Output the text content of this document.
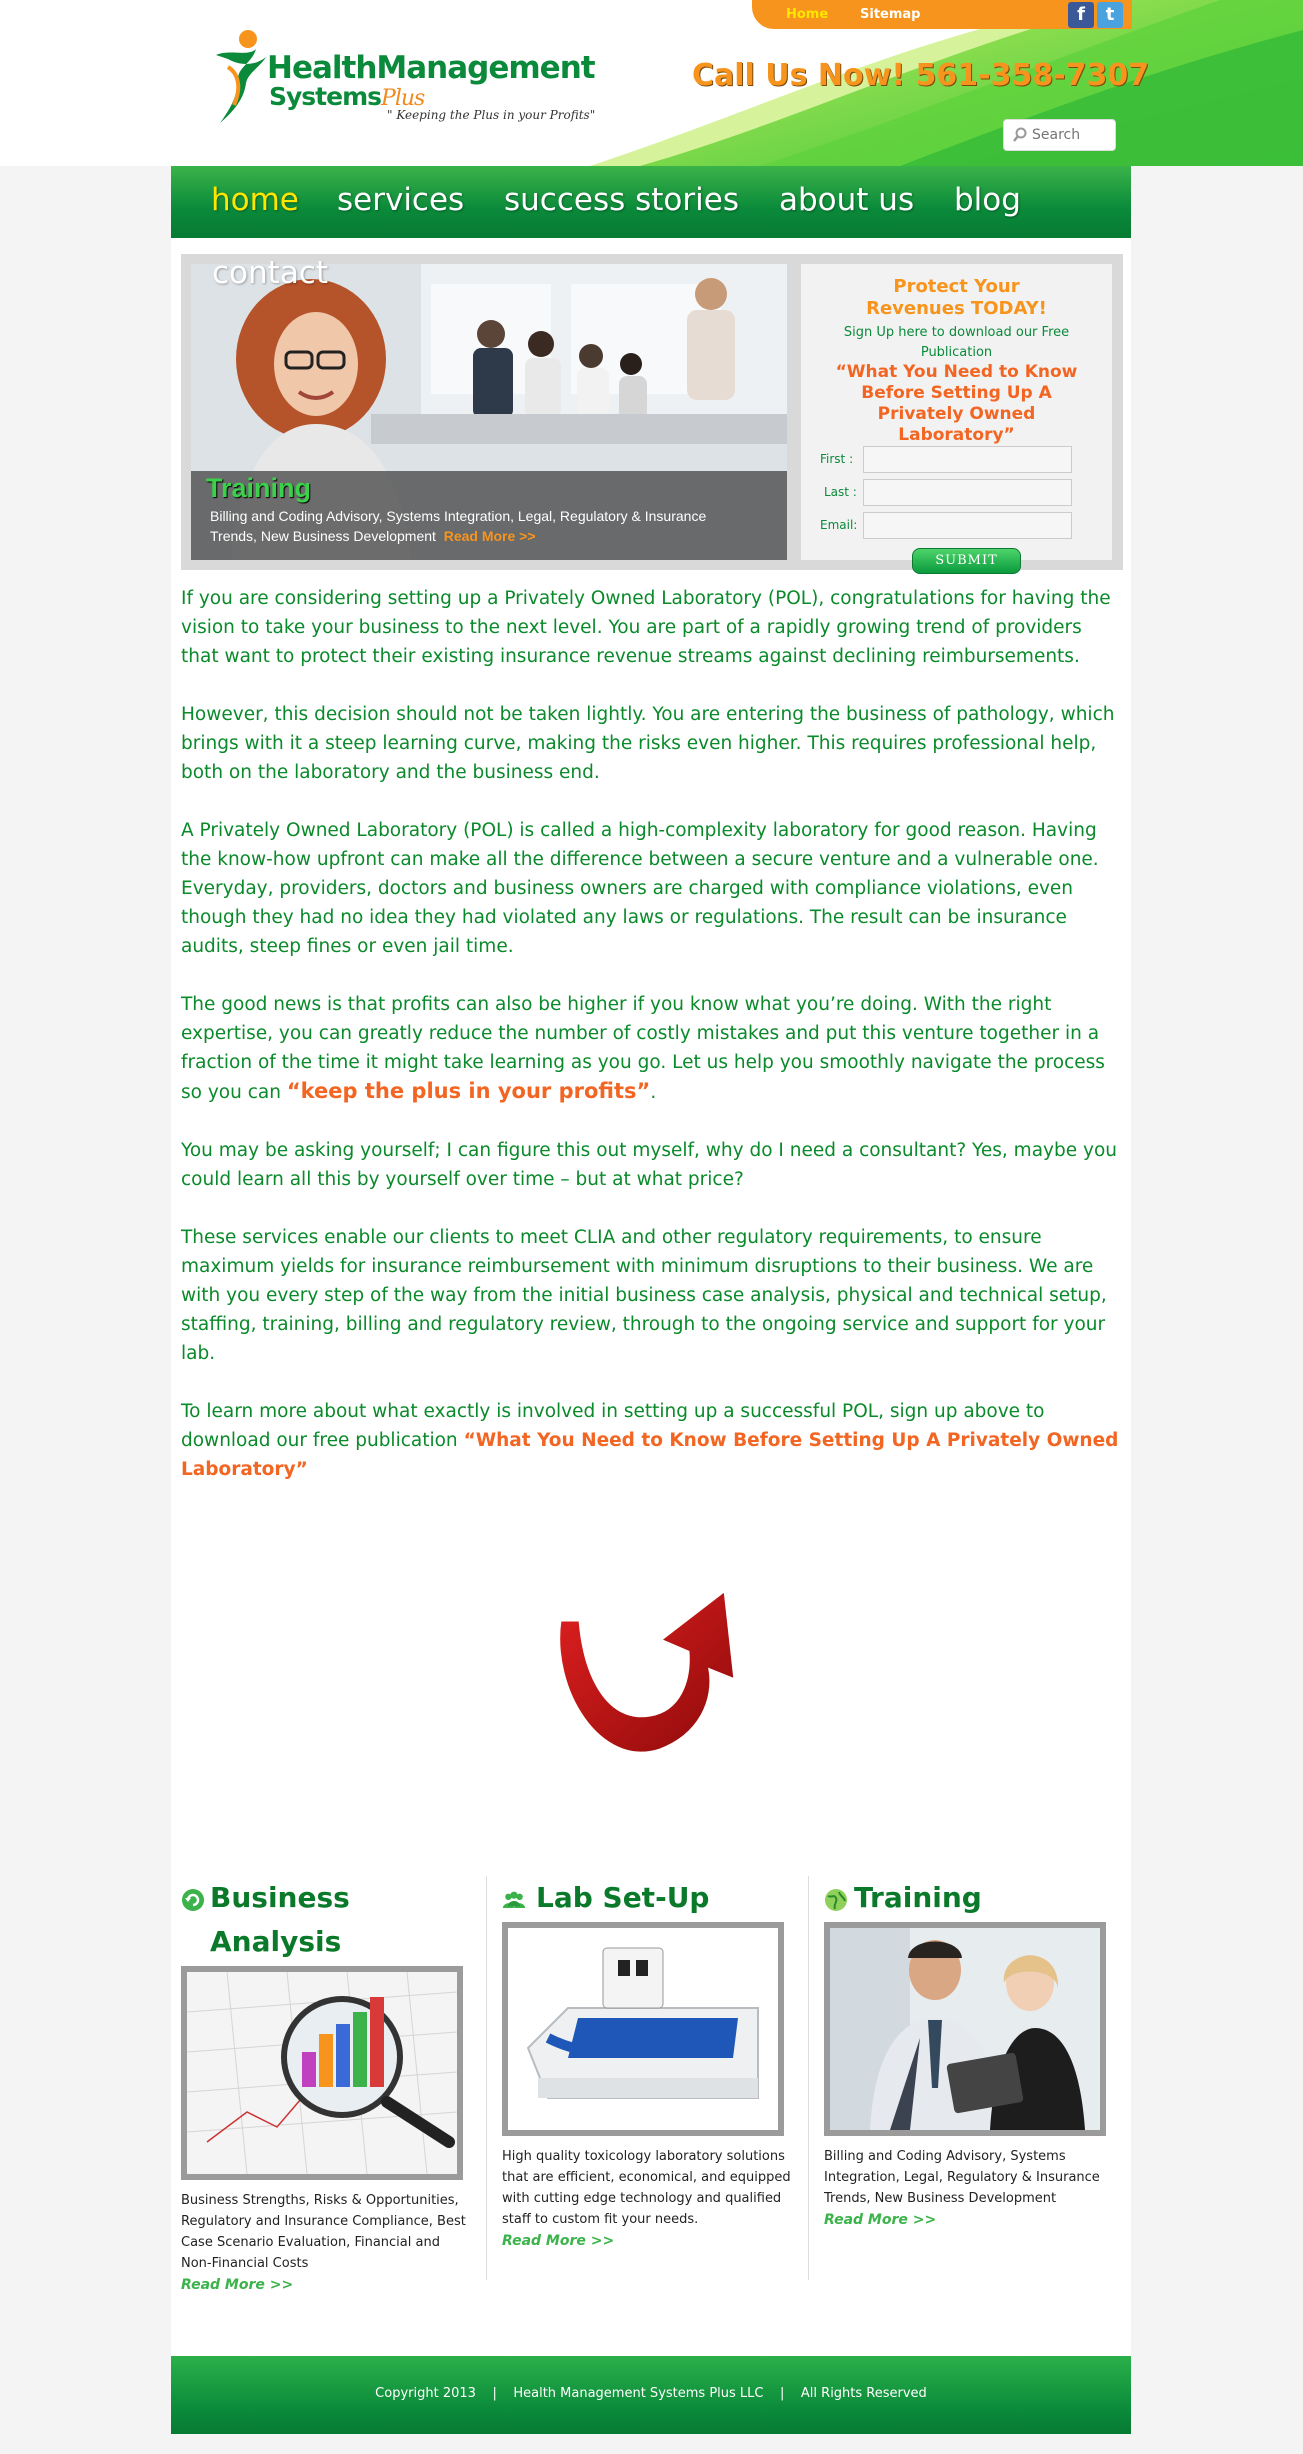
HealthManagement
SystemsPlus
" Keeping the Plus in your Profits"
Home Sitemap	f	t
Client Login
Call Us Now! 561-358-7307
Search
home services success stories about us blog
contact
Training
Billing and Coding Advisory, Systems Integration, Legal, Regulatory & Insurance Trends, New Business Development Read More >>
Protect Your Revenues TODAY!
Sign Up here to download our Free Publication
“What You Need to Know Before Setting Up A Privately Owned Laboratory”
First :
Last :
Email:
SUBMIT

If you are considering setting up a Privately Owned Laboratory (POL), congratulations for having the vision to take your business to the next level. You are part of a rapidly growing trend of providers that want to protect their existing insurance revenue streams against declining reimbursements.

However, this decision should not be taken lightly. You are entering the business of pathology, which brings with it a steep learning curve, making the risks even higher. This requires professional help, both on the laboratory and the business end.

A Privately Owned Laboratory (POL) is called a high-complexity laboratory for good reason. Having the know-how upfront can make all the difference between a secure venture and a vulnerable one. Everyday, providers, doctors and business owners are charged with compliance violations, even though they had no idea they had violated any laws or regulations. The result can be insurance audits, steep fines or even jail time.

The good news is that profits can also be higher if you know what you’re doing. With the right expertise, you can greatly reduce the number of costly mistakes and put this venture together in a fraction of the time it might take learning as you go. Let us help you smoothly navigate the process so you can “keep the plus in your profits”.

You may be asking yourself; I can figure this out myself, why do I need a consultant? Yes, maybe you could learn all this by yourself over time – but at what price?

These services enable our clients to meet CLIA and other regulatory requirements, to ensure maximum yields for insurance reimbursement with minimum disruptions to their business. We are with you every step of the way from the initial business case analysis, physical and technical setup, staffing, training, billing and regulatory review, through to the ongoing service and support for your lab.

To learn more about what exactly is involved in setting up a successful POL, sign up above to download our free publication “What You Need to Know Before Setting Up A Privately Owned Laboratory”

Business
Analysis
Business Strengths, Risks & Opportunities, Regulatory and Insurance Compliance, Best Case Scenario Evaluation, Financial and Non-Financial Costs
Read More >>
Lab Set-Up
High quality toxicology laboratory solutions that are efficient, economical, and equipped with cutting edge technology and qualified staff to custom fit your needs.
Read More >>
Training
Billing and Coding Advisory, Systems Integration, Legal, Regulatory & Insurance Trends, New Business Development
Read More >>
Copyright 2013    |    Health Management Systems Plus LLC    |    All Rights Reserved
